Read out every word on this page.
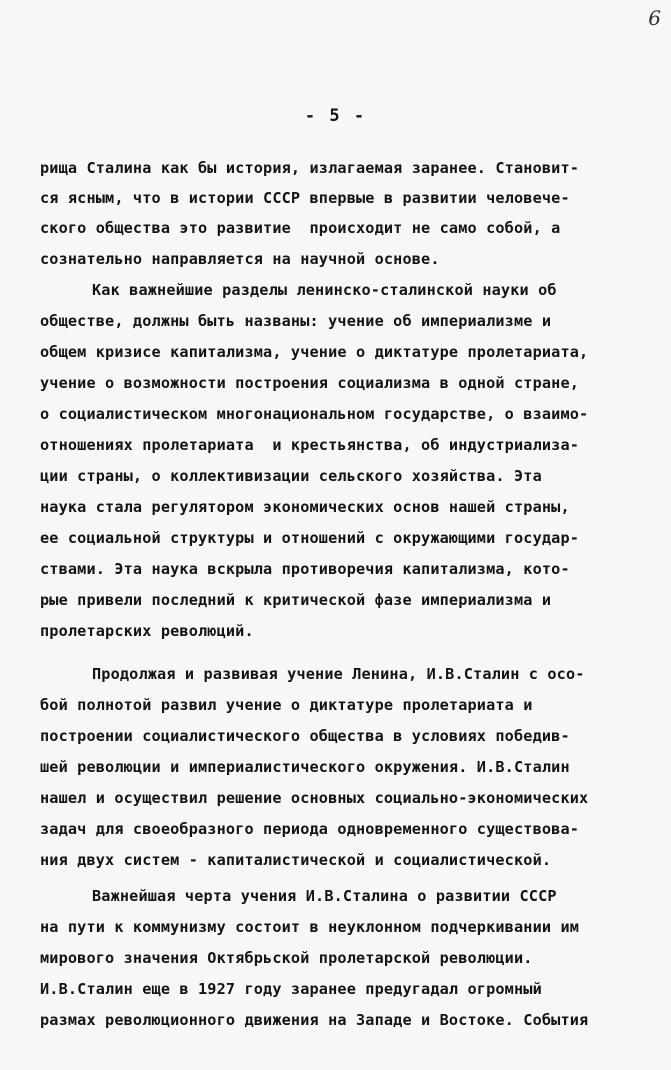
6
- 5 -
рища Сталина как бы история, излагаемая заранее. Становит-
ся ясным, что в истории СССР впервые в развитии человече-
ского общества это развитие  происходит не само собой, а
сознательно направляется на научной основе.
Как важнейшие разделы ленинско-сталинской науки об
обществе, должны быть названы: учение об империализме и
общем кризисе капитализма, учение о диктатуре пролетариата,
учение о возможности построения социализма в одной стране,
о социалистическом многонациональном государстве, о взаимо-
отношениях пролетариата  и крестьянства, об индустриализа-
ции страны, о коллективизации сельского хозяйства. Эта
наука стала регулятором экономических основ нашей страны,
ее социальной структуры и отношений с окружающими государ-
ствами. Эта наука вскрыла противоречия капитализма, кото-
рые привели последний к критической фазе империализма и
пролетарских революций.
Продолжая и развивая учение Ленина, И.В.Сталин с осо-
бой полнотой развил учение о диктатуре пролетариата и
построении социалистического общества в условиях победив-
шей революции и империалистического окружения. И.В.Сталин
нашел и осуществил решение основных социально-экономических
задач для своеобразного периода одновременного существова-
ния двух систем - капиталистической и социалистической.
Важнейшая черта учения И.В.Сталина о развитии СССР
на пути к коммунизму состоит в неуклонном подчеркивании им
мирового значения Октябрьской пролетарской революции.
И.В.Сталин еще в 1927 году заранее предугадал огромный
размах революционного движения на Западе и Востоке. События
